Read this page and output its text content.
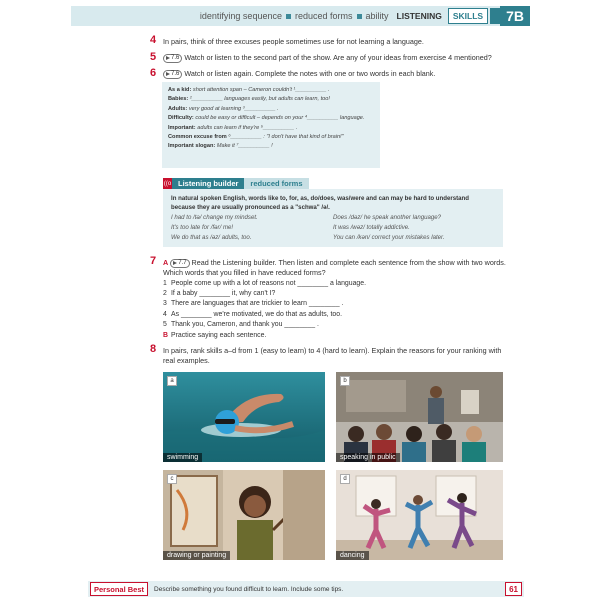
identifying sequence reduced forms ability LISTENING	SKILLS	7B
4 In pairs, think of three excuses people sometimes use for not learning a language.
5 7.6 Watch or listen to the second part of the show. Are any of your ideas from exercise 4 mentioned?
6 7.6 Watch or listen again. Complete the notes with one or two words in each blank.
As a kid: short attention span – Cameron couldn't ¹__________ .
Babies: ²__________ languages easily, but adults can learn, too!
Adults: very good at learning ³__________ .
Difficulty: could be easy or difficult – depends on your ⁴__________ language.
Important: adults can learn if they're ⁵__________ .
Common excuse from ⁶__________ : "I don't have that kind of brain!"
Important slogan: Make it ⁷__________ !
((o Listening builder	reduced forms
In natural spoken English, words like to, for, as, do/does, was/were and can may be hard to understand because they are usually pronounced as a "schwa" /ə/.
I had to /tə/ change my mindset.
It's too late for /fər/ me!
We do that as /əz/ adults, too.
Does /dəz/ he speak another language?
It was /wəz/ totally addictive.
You can /kən/ correct your mistakes later.
7 A 7.7 Read the Listening builder. Then listen and complete each sentence from the show with two words. Which words that you filled in have reduced forms?
1 People come up with a lot of reasons not ________ a language.
2 If a baby ________ it, why can't I?
3 There are languages that are trickier to learn ________ .
4 As ________ we're motivated, we do that as adults, too.
5 Thank you, Cameron, and thank you ________ .
B Practice saying each sentence.
8 In pairs, rank skills a–d from 1 (easy to learn) to 4 (hard to learn). Explain the reasons for your ranking with real examples.
a
swimming
b
speaking in public
c
drawing or painting
d
dancing
Personal Best	Describe something you found difficult to learn. Include some tips.	61
